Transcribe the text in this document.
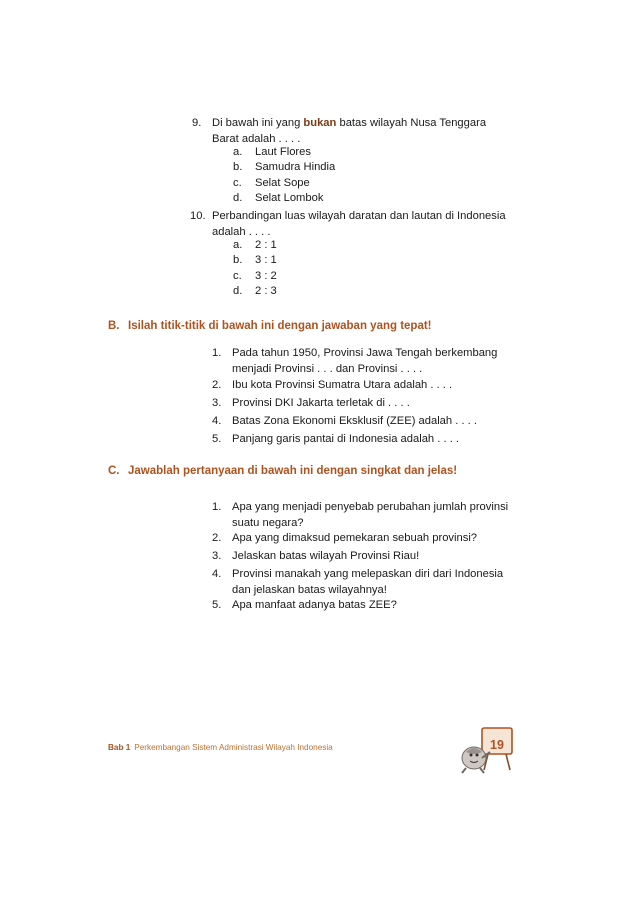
9. Di bawah ini yang bukan batas wilayah Nusa Tenggara Barat adalah . . . .
a. Laut Flores
b. Samudra Hindia
c. Selat Sope
d. Selat Lombok
10. Perbandingan luas wilayah daratan dan lautan di Indonesia adalah . . . .
a. 2 : 1
b. 3 : 1
c. 3 : 2
d. 2 : 3
B. Isilah titik-titik di bawah ini dengan jawaban yang tepat!
1. Pada tahun 1950, Provinsi Jawa Tengah berkembang menjadi Provinsi . . . dan Provinsi . . . .
2. Ibu kota Provinsi Sumatra Utara adalah . . . .
3. Provinsi DKI Jakarta terletak di . . . .
4. Batas Zona Ekonomi Eksklusif (ZEE) adalah . . . .
5. Panjang garis pantai di Indonesia adalah . . . .
C. Jawablah pertanyaan di bawah ini dengan singkat dan jelas!
1. Apa yang menjadi penyebab perubahan jumlah provinsi suatu negara?
2. Apa yang dimaksud pemekaran sebuah provinsi?
3. Jelaskan batas wilayah Provinsi Riau!
4. Provinsi manakah yang melepaskan diri dari Indonesia dan jelaskan batas wilayahnya!
5. Apa manfaat adanya batas ZEE?
Bab 1 Perkembangan Sistem Administrasi Wilayah Indonesia	19
